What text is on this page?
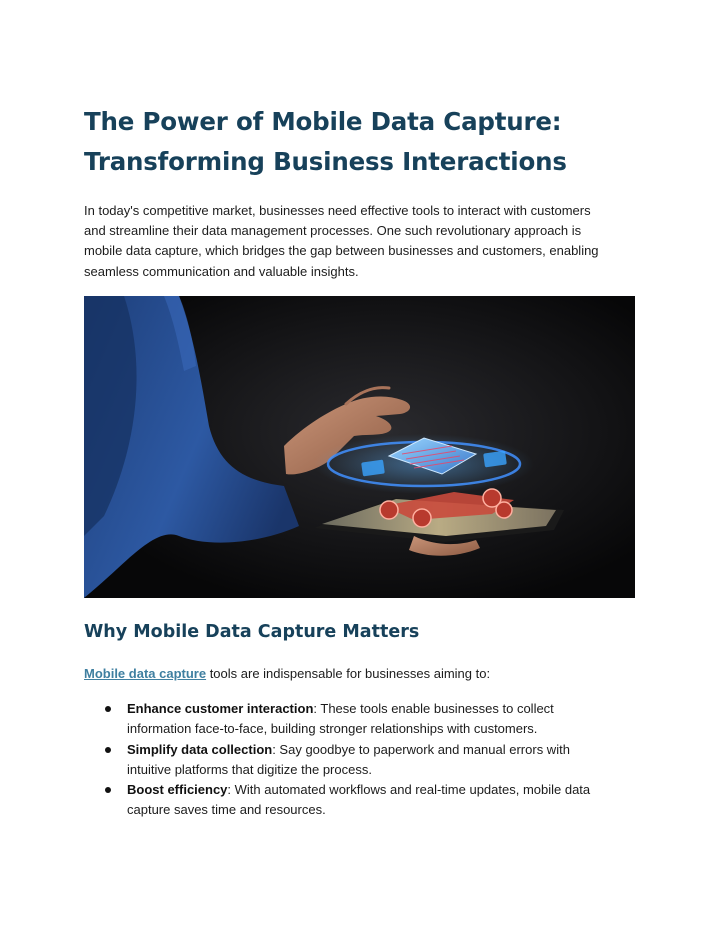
The Power of Mobile Data Capture:
Transforming Business Interactions

In today's competitive market, businesses need effective tools to interact with customers
and streamline their data management processes. One such revolutionary approach is
mobile data capture, which bridges the gap between businesses and customers, enabling
seamless communication and valuable insights.

Why Mobile Data Capture Matters

Mobile data capture tools are indispensable for businesses aiming to:

Enhance customer interaction: These tools enable businesses to collect
information face-to-face, building stronger relationships with customers.
Simplify data collection: Say goodbye to paperwork and manual errors with
intuitive platforms that digitize the process.
Boost efficiency: With automated workflows and real-time updates, mobile data
capture saves time and resources.
